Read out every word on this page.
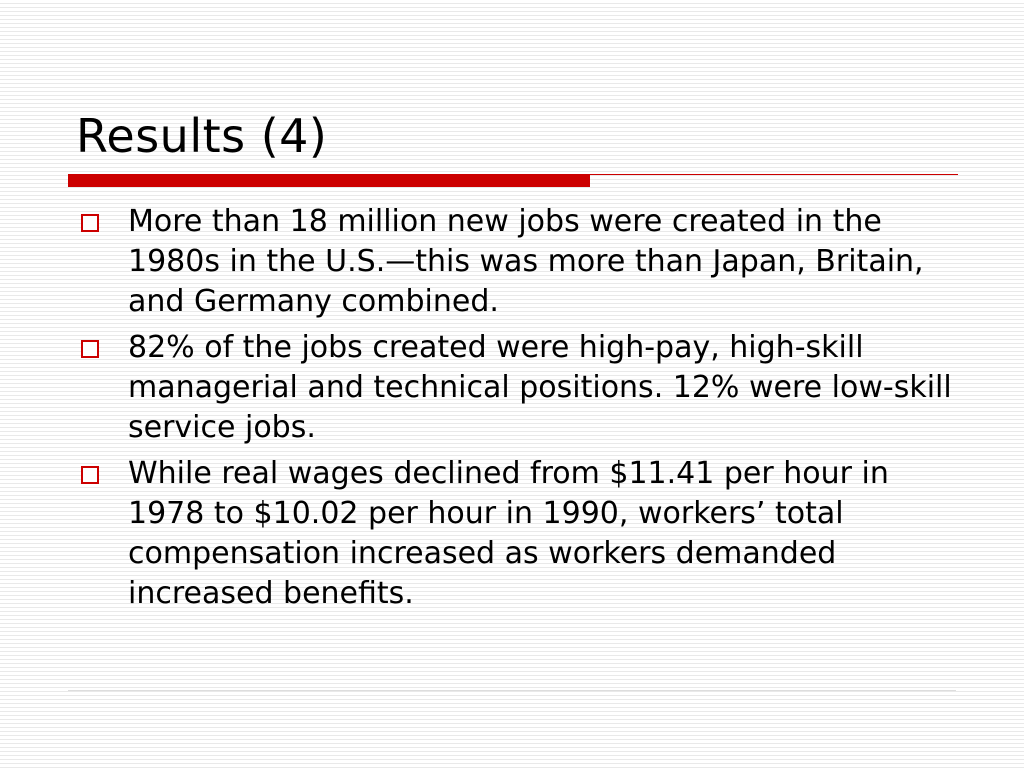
Results (4)
More than 18 million new jobs were created in the 1980s in the U.S.—this was more than Japan, Britain, and Germany combined.
82% of the jobs created were high-pay, high-skill managerial and technical positions. 12% were low-skill service jobs.
While real wages declined from $11.41 per hour in 1978 to $10.02 per hour in 1990, workers’ total compensation increased as workers demanded increased benefits.
